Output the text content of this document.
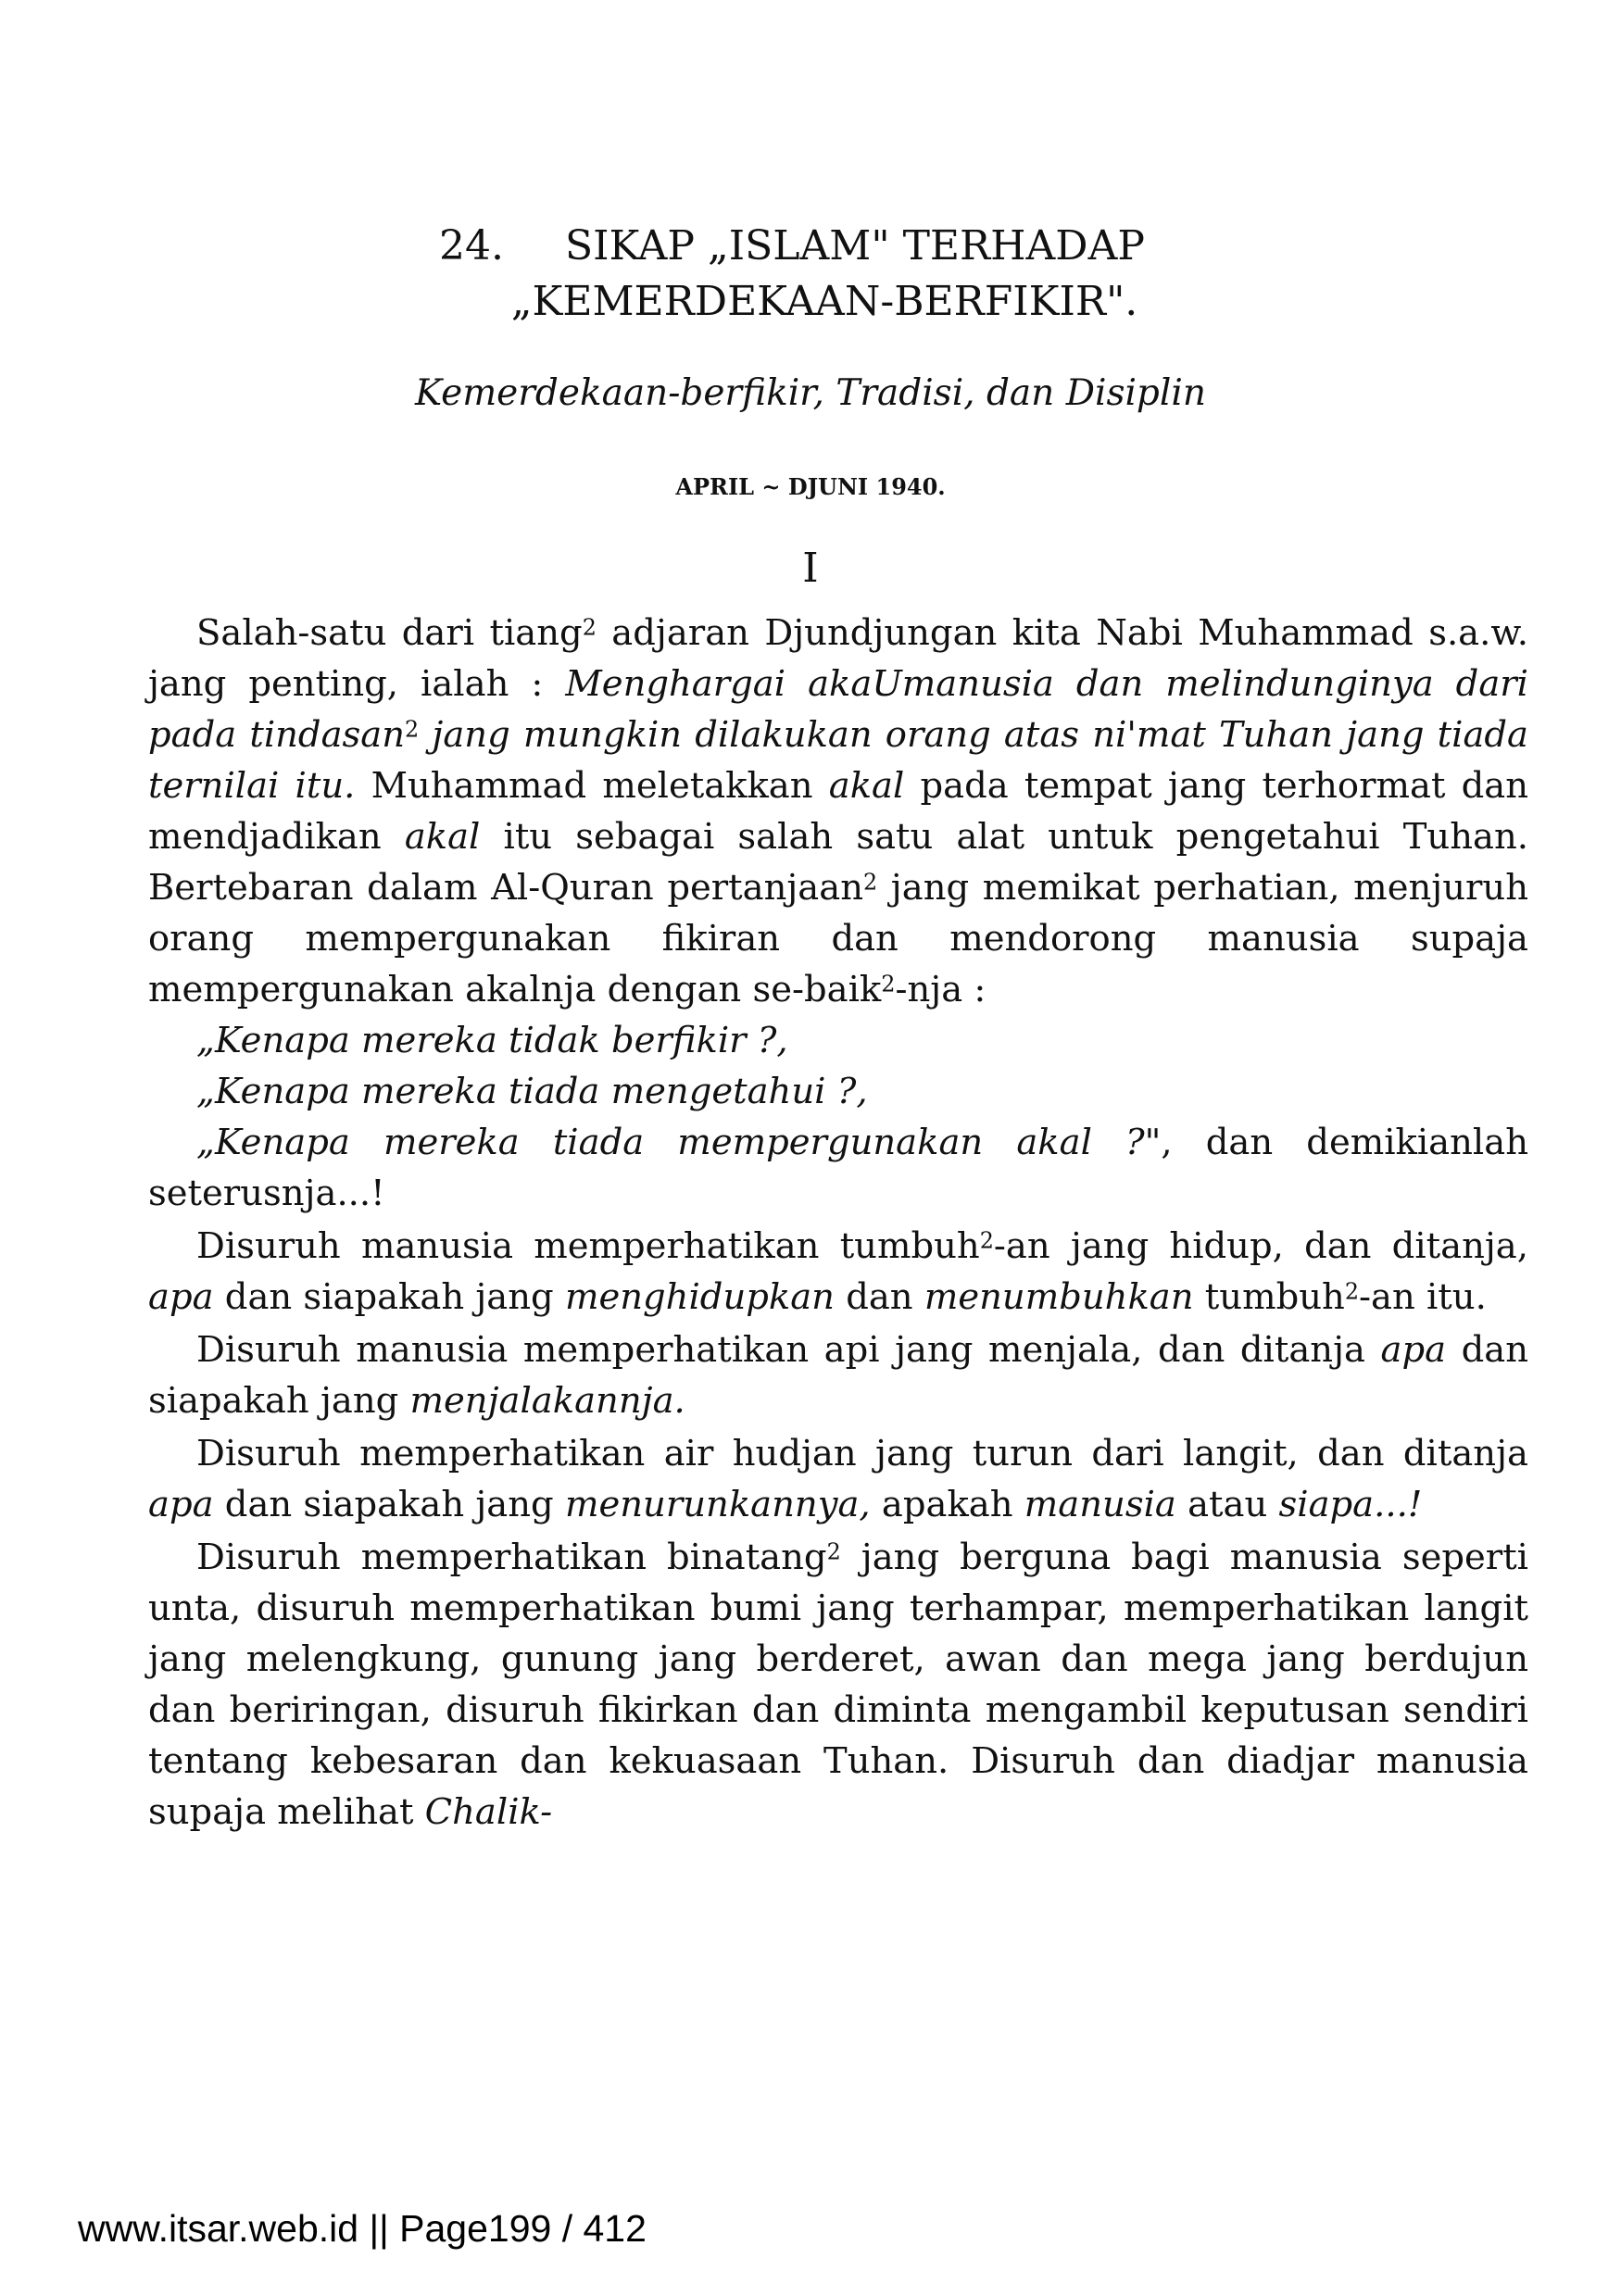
24. SIKAP „ISLAM" TERHADAP
„KEMERDEKAAN-BERFIKIR".
Kemerdekaan-berfikir, Tradisi, dan Disiplin
APRIL ~ DJUNI 1940.
I

Salah-satu dari tiang$^2$ adjaran Djundjungan kita Nabi Muhammad s.a.w. jang penting, ialah : Menghargai akaUmanusia dan melindunginya dari pada tindasan$^2$ jang mungkin dilakukan orang atas ni'mat Tuhan jang tiada ternilai itu. Muhammad meletakkan akal pada tempat jang terhormat dan mendjadikan akal itu sebagai salah satu alat untuk pengetahui Tuhan. Bertebaran dalam Al-Quran pertanjaan$^2$ jang memikat perhatian, menjuruh orang mempergunakan fikiran dan mendorong manusia supaja mempergunakan akalnja dengan se-baik$^2$-nja :

„Kenapa mereka tidak berfikir ?,

„Kenapa mereka tiada mengetahui ?,

„Kenapa mereka tiada mempergunakan akal ?", dan demikianlah seterusnja...!

Disuruh manusia memperhatikan tumbuh$^2$-an jang hidup, dan ditanja, apa dan siapakah jang menghidupkan dan menumbuhkan tumbuh$^2$-an itu.

Disuruh manusia memperhatikan api jang menjala, dan ditanja apa dan siapakah jang menjalakannja.

Disuruh memperhatikan air hudjan jang turun dari langit, dan ditanja apa dan siapakah jang menurunkannya, apakah manusia atau siapa...!

Disuruh memperhatikan binatang$^2$ jang berguna bagi manusia seperti unta, disuruh memperhatikan bumi jang terhampar, memperhatikan langit jang melengkung, gunung jang berderet, awan dan mega jang berdujun dan beriringan, disuruh fikirkan dan diminta mengambil keputusan sendiri tentang kebesaran dan kekuasaan Tuhan. Disuruh dan diadjar manusia supaja melihat Chalik-

www.itsar.web.id || Page199 / 412
